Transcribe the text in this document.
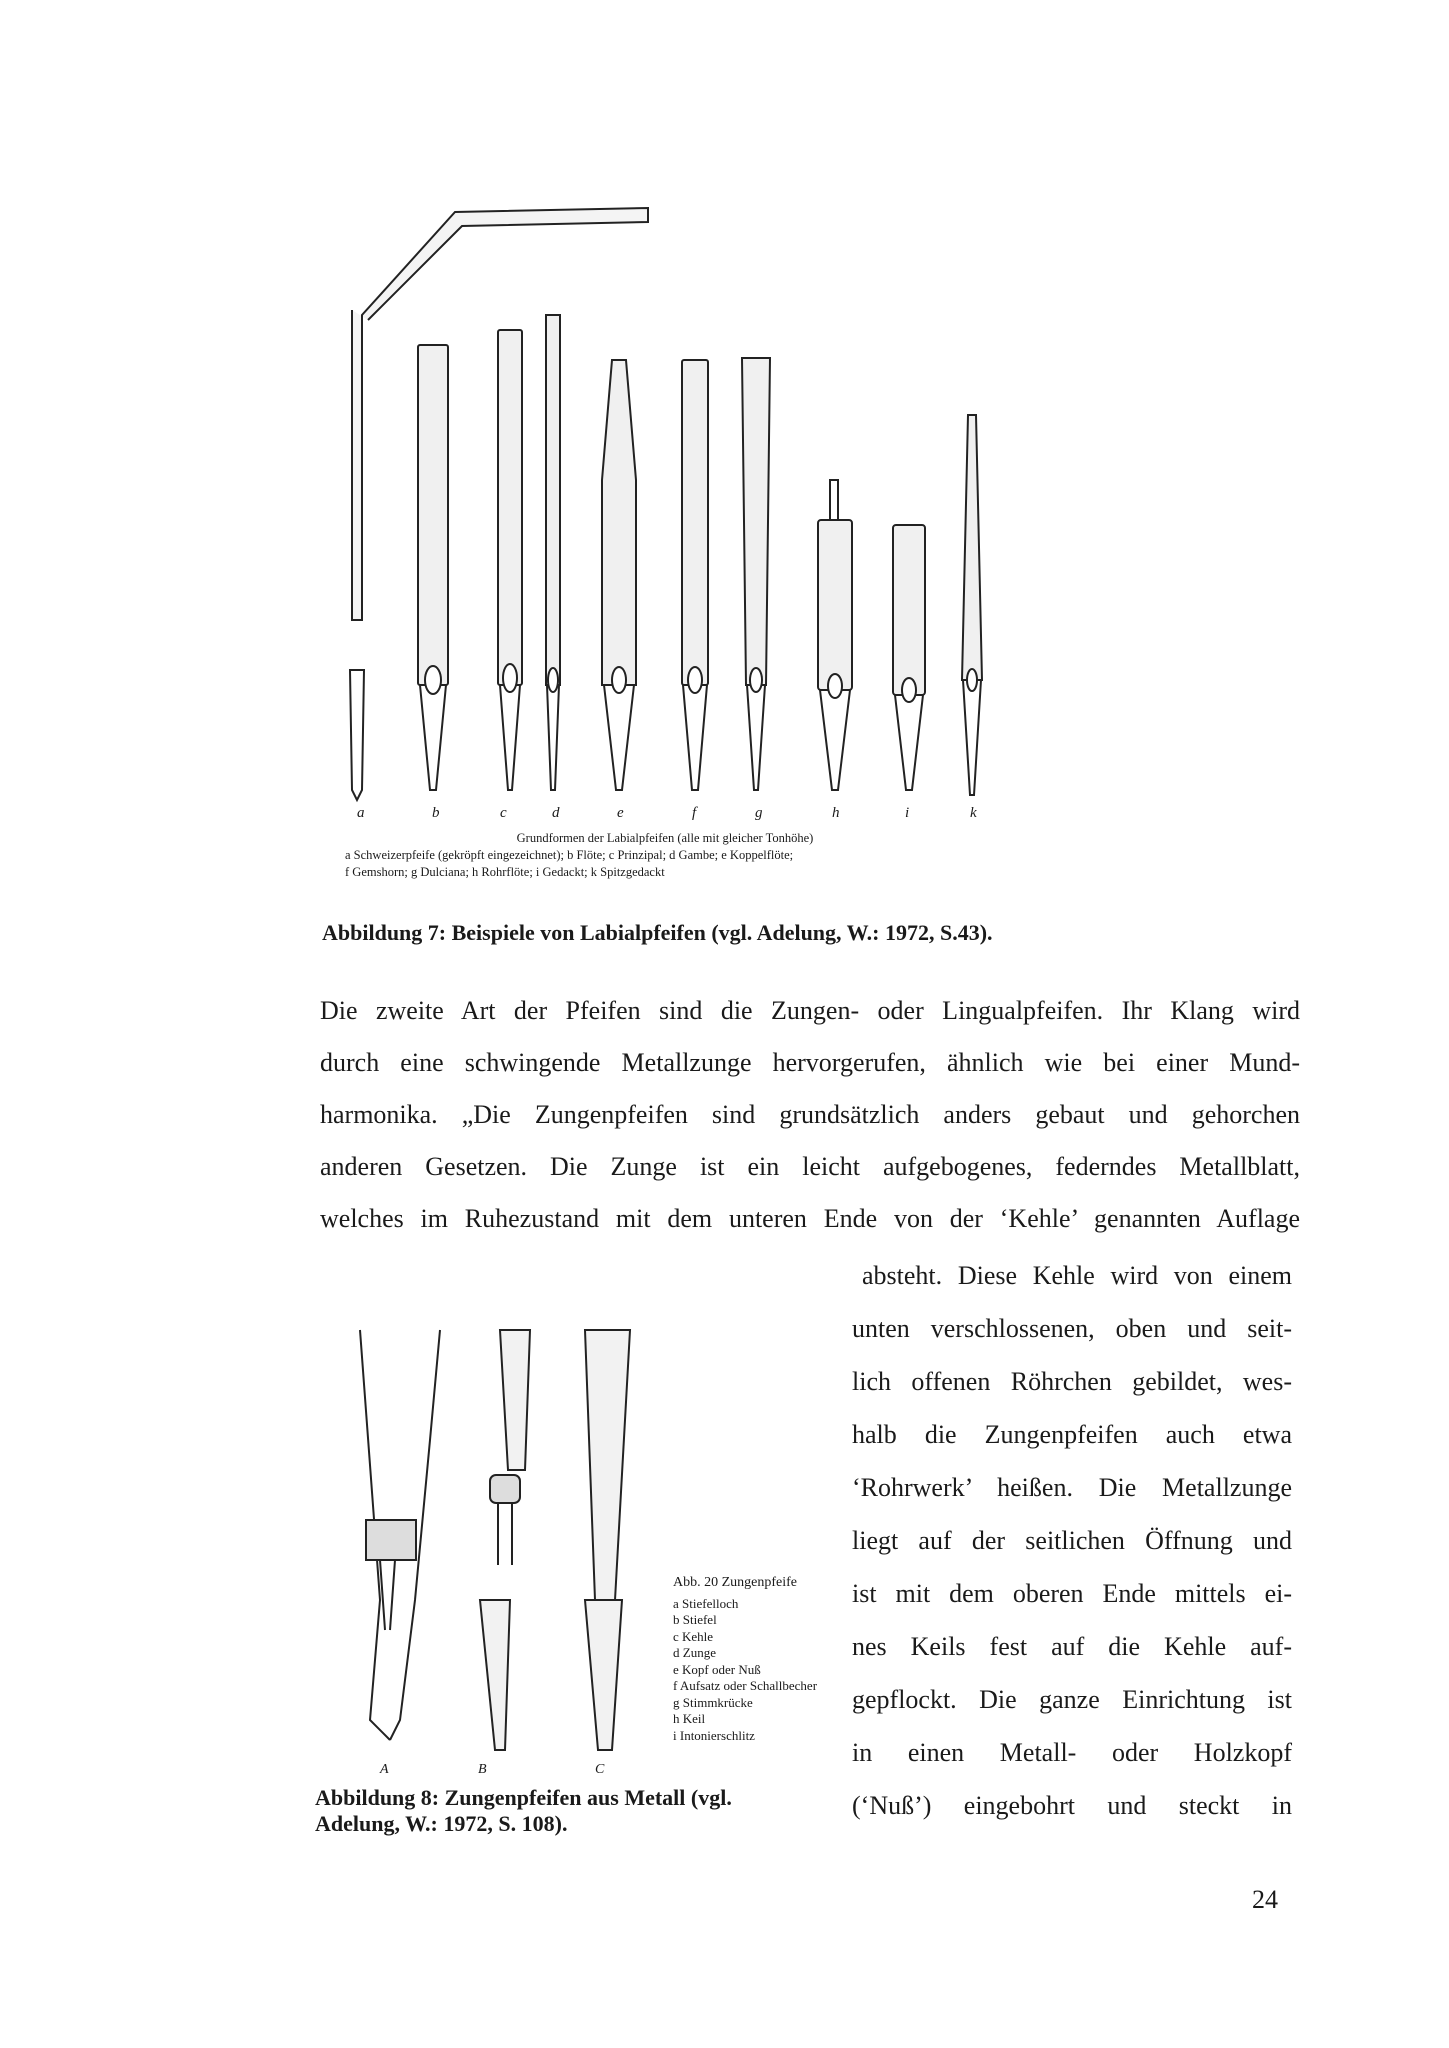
a	b	c	d	e	f	g	h	i	k
Grundformen der Labialpfeifen (alle mit gleicher Tonhöhe)
a Schweizerpfeife (gekröpft eingezeichnet); b Flöte; c Prinzipal; d Gambe; e Koppelflöte;
f Gemshorn; g Dulciana; h Rohrflöte; i Gedackt; k Spitzgedackt
Abbildung 7: Beispiele von Labialpfeifen (vgl. Adelung, W.: 1972, S.43).
Die zweite Art der Pfeifen sind die Zungen- oder Lingualpfeifen. Ihr Klang wird
durch eine schwingende Metallzunge hervorgerufen, ähnlich wie bei einer Mund-
harmonika. „Die Zungenpfeifen sind grundsätzlich anders gebaut und gehorchen
anderen Gesetzen. Die Zunge ist ein leicht aufgebogenes, federndes Metallblatt,
welches im Ruhezustand mit dem unteren Ende von der ‘Kehle’ genannten Auflage
absteht. Diese Kehle wird von einem
unten verschlossenen, oben und seit-
lich offenen Röhrchen gebildet, wes-
halb die Zungenpfeifen auch etwa
‘Rohrwerk’ heißen. Die Metallzunge
liegt auf der seitlichen Öffnung und
ist mit dem oberen Ende mittels ei-
nes Keils fest auf die Kehle auf-
gepflockt. Die ganze Einrichtung ist
in einen Metall- oder Holzkopf
(‘Nuß’) eingebohrt und steckt in
A	B	C
Abb. 20 Zungenpfeife
a Stiefelloch
b Stiefel
c Kehle
d Zunge
e Kopf oder Nuß
f Aufsatz oder Schallbecher
g Stimmkrücke
h Keil
i Intonierschlitz
Abbildung 8: Zungenpfeifen aus Metall (vgl.
Adelung, W.: 1972, S. 108).
24
